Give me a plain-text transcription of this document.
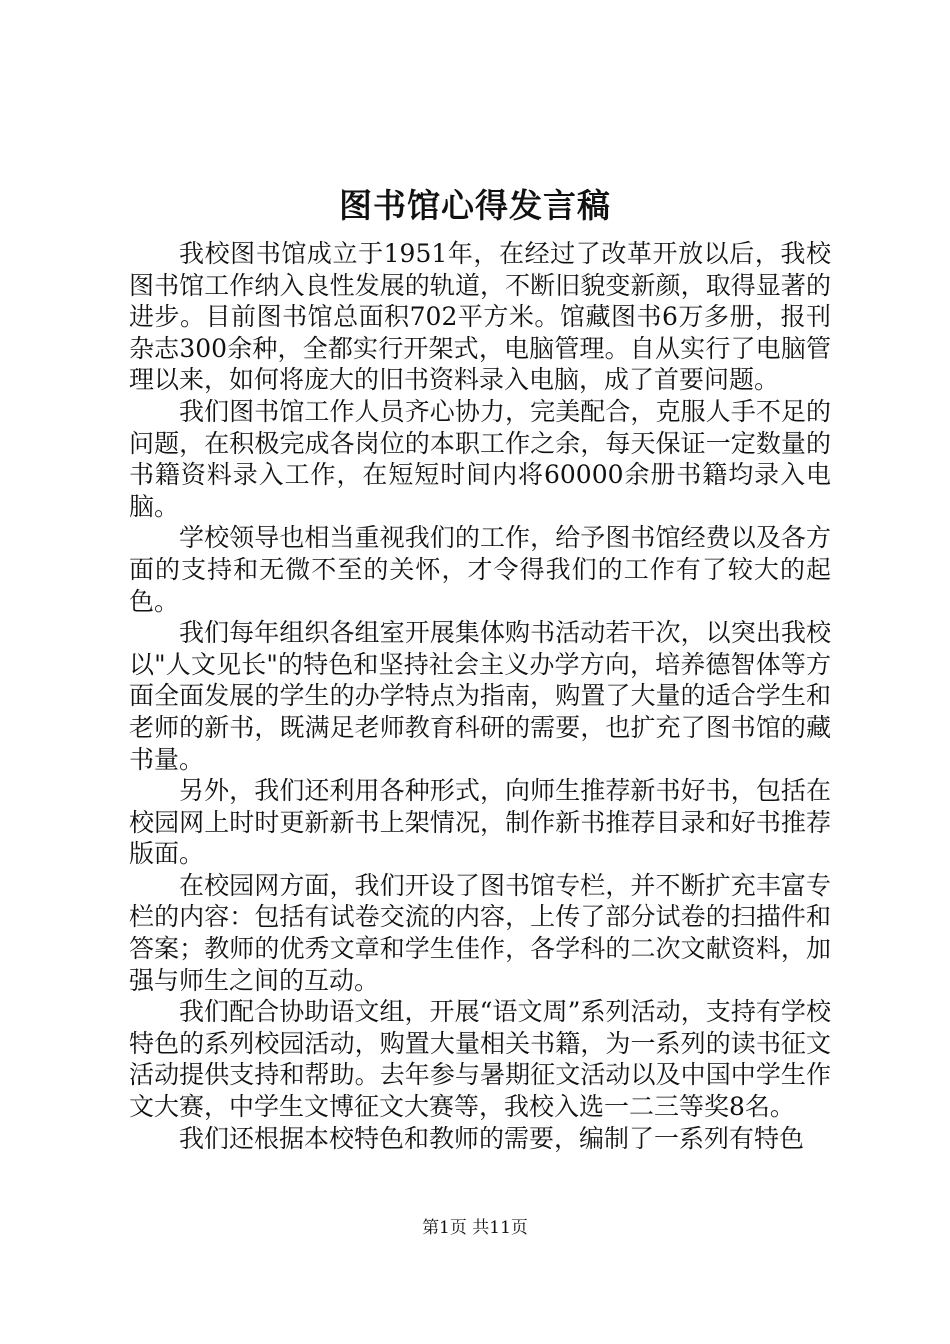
图书馆心得发言稿

我校图书馆成立于1951年，在经过了改革开放以后，我校图书馆工作纳入良性发展的轨道，不断旧貌变新颜，取得显著的进步。目前图书馆总面积702平方米。馆藏图书6万多册，报刊杂志300余种，全都实行开架式，电脑管理。自从实行了电脑管理以来，如何将庞大的旧书资料录入电脑，成了首要问题。

我们图书馆工作人员齐心协力，完美配合，克服人手不足的问题，在积极完成各岗位的本职工作之余，每天保证一定数量的书籍资料录入工作，在短短时间内将60000余册书籍均录入电脑。

学校领导也相当重视我们的工作，给予图书馆经费以及各方面的支持和无微不至的关怀，才令得我们的工作有了较大的起色。

我们每年组织各组室开展集体购书活动若干次，以突出我校以"人文见长"的特色和坚持社会主义办学方向，培养德智体等方面全面发展的学生的办学特点为指南，购置了大量的适合学生和老师的新书，既满足老师教育科研的需要，也扩充了图书馆的藏书量。

另外，我们还利用各种形式，向师生推荐新书好书，包括在校园网上时时更新新书上架情况，制作新书推荐目录和好书推荐版面。

在校园网方面，我们开设了图书馆专栏，并不断扩充丰富专栏的内容：包括有试卷交流的内容，上传了部分试卷的扫描件和答案；教师的优秀文章和学生佳作，各学科的二次文献资料，加强与师生之间的互动。

我们配合协助语文组，开展“语文周”系列活动，支持有学校特色的系列校园活动，购置大量相关书籍，为一系列的读书征文活动提供支持和帮助。去年参与暑期征文活动以及中国中学生作文大赛，中学生文博征文大赛等，我校入选一二三等奖8名。

我们还根据本校特色和教师的需要，编制了一系列有特色

第1页 共11页
